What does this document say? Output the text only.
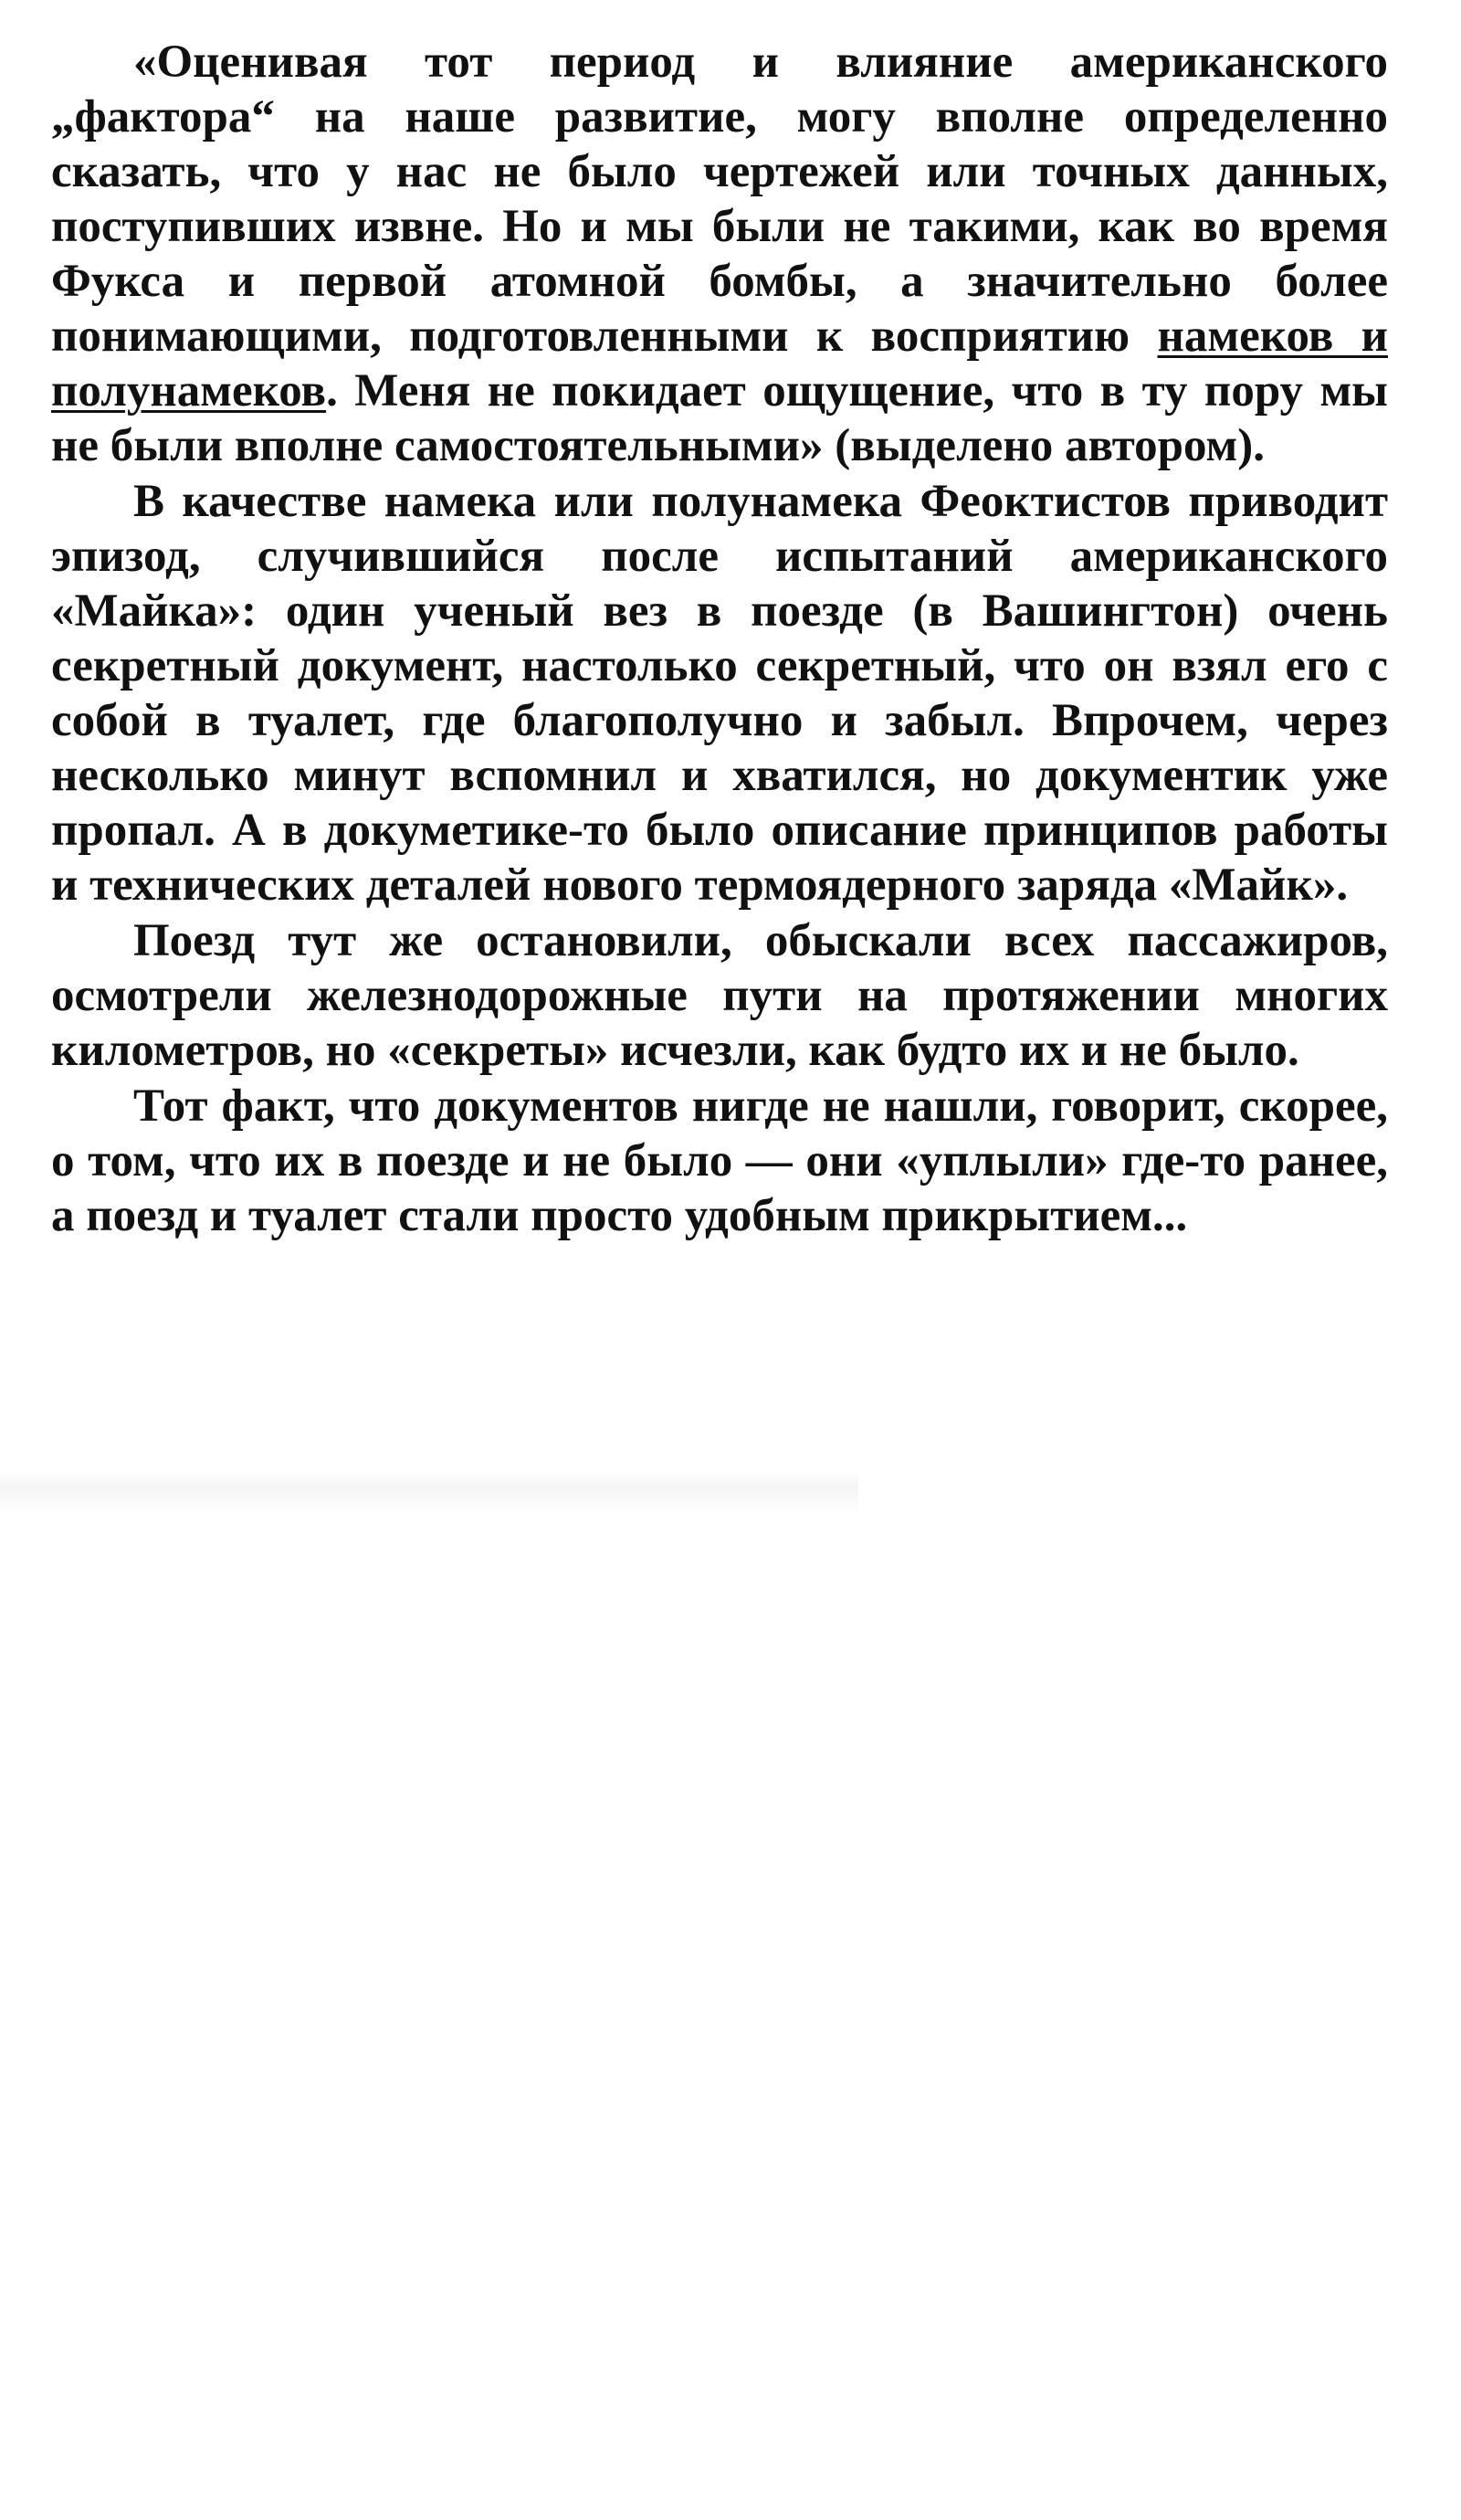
«Оценивая тот период и влияние американского „фактора“ на наше развитие, могу вполне определенно сказать, что у нас не было чертежей или точных данных, поступивших извне. Но и мы были не такими, как во время Фукса и первой атомной бомбы, а значительно более понимающими, подготовленными к восприятию намеков и полунамеков. Меня не покидает ощущение, что в ту пору мы не были вполне самостоятельными» (выделено автором).

В качестве намека или полунамека Феоктистов приводит эпизод, случившийся после испытаний американского «Майка»: один ученый вез в поезде (в Вашингтон) очень секретный документ, настолько секретный, что он взял его с собой в туалет, где благополучно и забыл. Впрочем, через несколько минут вспомнил и хватился, но документик уже пропал. А в докуметике-то было описание принципов работы и технических деталей нового термоядерного заряда «Майк».

Поезд тут же остановили, обыскали всех пассажиров, осмотрели железнодорожные пути на протяжении многих километров, но «секреты» исчезли, как будто их и не было.

Тот факт, что документов нигде не нашли, говорит, скорее, о том, что их в поезде и не было — они «уплыли» где-то ранее, а поезд и туалет стали просто удобным прикрытием...
